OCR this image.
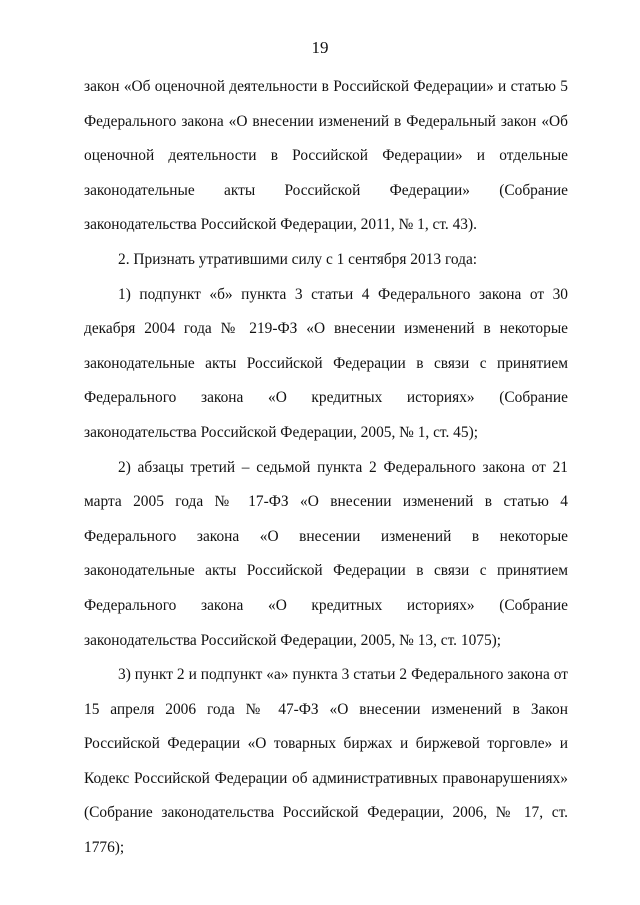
19

закон «Об оценочной деятельности в Российской Федерации» и статью 5 Федерального закона «О внесении изменений в Федеральный закон «Об оценочной деятельности в Российской Федерации» и отдельные законодательные акты Российской Федерации» (Собрание законодательства Российской Федерации, 2011, № 1, ст. 43).

2. Признать утратившими силу с 1 сентября 2013 года:

1) подпункт «б» пункта 3 статьи 4 Федерального закона от 30 декабря 2004 года № 219-ФЗ «О внесении изменений в некоторые законодательные акты Российской Федерации в связи с принятием Федерального закона «О кредитных историях» (Собрание законодательства Российской Федерации, 2005, № 1, ст. 45);

2) абзацы третий – седьмой пункта 2 Федерального закона от 21 марта 2005 года № 17-ФЗ «О внесении изменений в статью 4 Федерального закона «О внесении изменений в некоторые законодательные акты Российской Федерации в связи с принятием Федерального закона «О кредитных историях» (Собрание законодательства Российской Федерации, 2005, № 13, ст. 1075);

3) пункт 2 и подпункт «а» пункта 3 статьи 2 Федерального закона от 15 апреля 2006 года № 47-ФЗ «О внесении изменений в Закон Российской Федерации «О товарных биржах и биржевой торговле» и Кодекс Российской Федерации об административных правонарушениях» (Собрание законодательства Российской Федерации, 2006, № 17, ст. 1776);
